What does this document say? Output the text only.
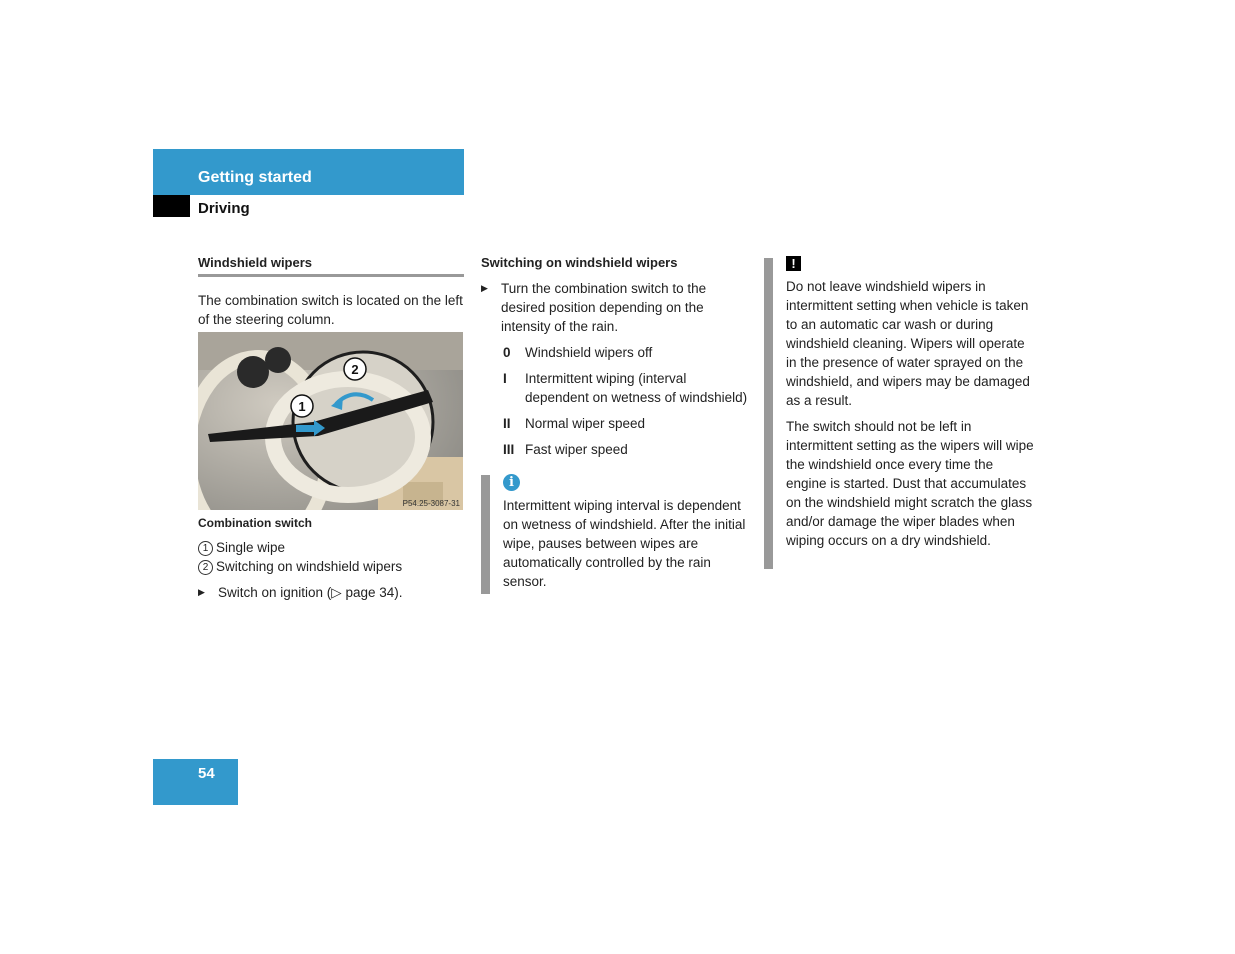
Getting started
Driving
Windshield wipers

The combination switch is located on the left of the steering column.

2
1
P54.25-3087-31
Combination switch
1 Single wipe
2 Switching on windshield wipers
▶ Switch on ignition (▷ page 34).
Switching on windshield wipers
▶ Turn the combination switch to the desired position depending on the intensity of the rain.
0	Windshield wipers off
I	Intermittent wiping (interval dependent on wetness of windshield)
II	Normal wiper speed
III Fast wiper speed
i

Intermittent wiping interval is dependent on wetness of windshield. After the initial wipe, pauses between wipes are automatically controlled by the rain sensor.

!

Do not leave windshield wipers in intermittent setting when vehicle is taken to an automatic car wash or during windshield cleaning. Wipers will operate in the presence of water sprayed on the windshield, and wipers may be damaged as a result.

The switch should not be left in intermittent setting as the wipers will wipe the windshield once every time the engine is started. Dust that accumulates on the windshield might scratch the glass and/or damage the wiper blades when wiping occurs on a dry windshield.

54
